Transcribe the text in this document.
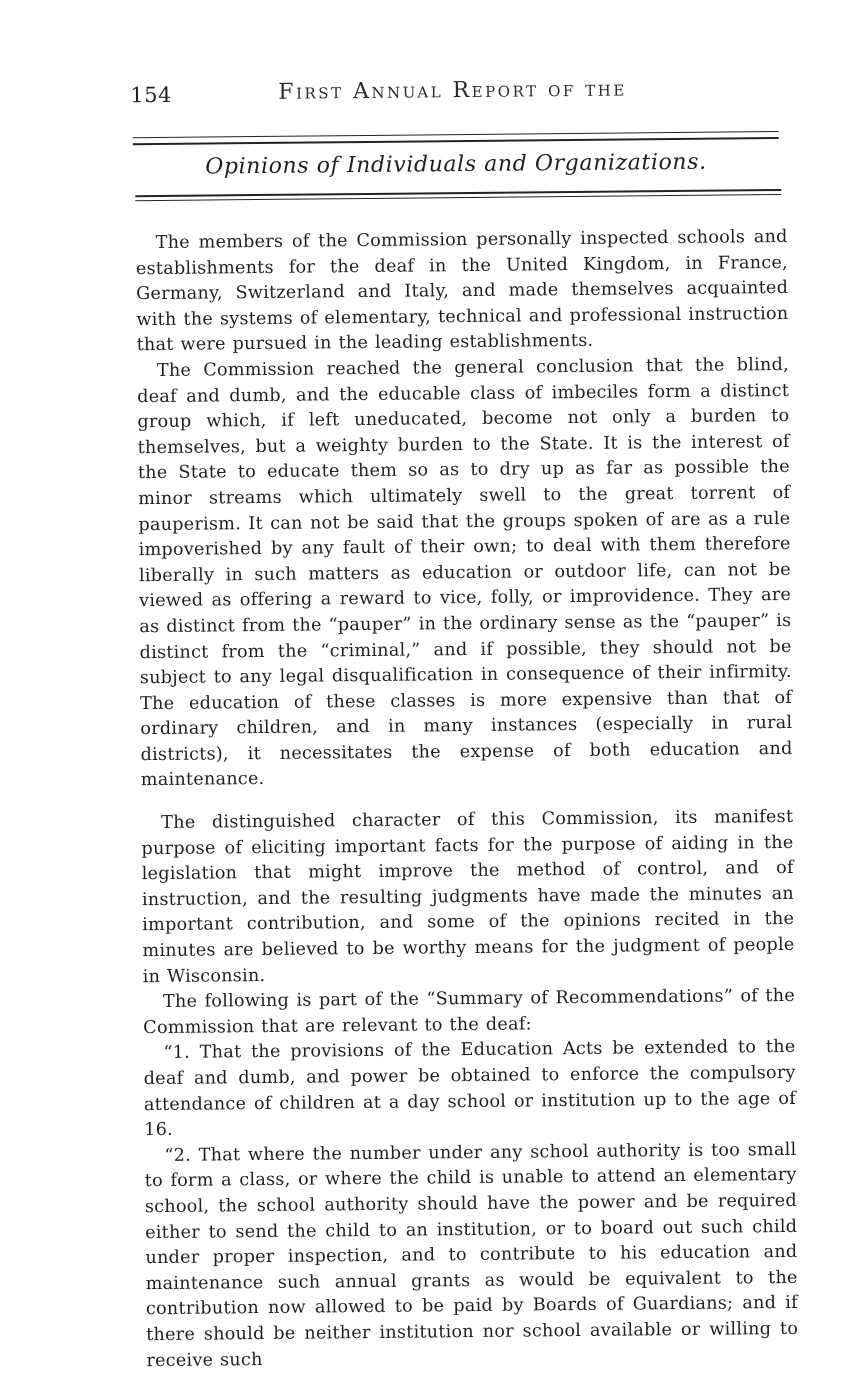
154	First Annual Report of the
Opinions of Individuals and Organizations.

The members of the Commission personally inspected schools and establishments for the deaf in the United Kingdom, in France, Germany, Switzerland and Italy, and made themselves acquainted with the systems of elementary, technical and professional instruction that were pursued in the leading establishments.

The Commission reached the general conclusion that the blind, deaf and dumb, and the educable class of imbeciles form a distinct group which, if left uneducated, become not only a burden to themselves, but a weighty burden to the State. It is the interest of the State to educate them so as to dry up as far as possible the minor streams which ultimately swell to the great torrent of pauperism. It can not be said that the groups spoken of are as a rule impoverished by any fault of their own; to deal with them therefore liberally in such matters as education or outdoor life, can not be viewed as offering a reward to vice, folly, or improvidence. They are as distinct from the “pauper” in the ordinary sense as the “pauper” is distinct from the “criminal,” and if possible, they should not be subject to any legal disqualification in consequence of their infirmity. The education of these classes is more expensive than that of ordinary children, and in many instances (especially in rural districts), it necessitates the expense of both education and maintenance.

The distinguished character of this Commission, its manifest purpose of eliciting important facts for the purpose of aiding in the legislation that might improve the method of control, and of instruction, and the resulting judgments have made the minutes an important contribution, and some of the opinions recited in the minutes are believed to be worthy means for the judgment of people in Wisconsin.

The following is part of the “Summary of Recommendations” of the Commission that are relevant to the deaf:

“1. That the provisions of the Education Acts be extended to the deaf and dumb, and power be obtained to enforce the compulsory attendance of children at a day school or institution up to the age of 16.

“2. That where the number under any school authority is too small to form a class, or where the child is unable to attend an elementary school, the school authority should have the power and be required either to send the child to an institution, or to board out such child under proper inspection, and to contribute to his education and maintenance such annual grants as would be equivalent to the contribution now allowed to be paid by Boards of Guardians; and if there should be neither institution nor school available or willing to receive such
